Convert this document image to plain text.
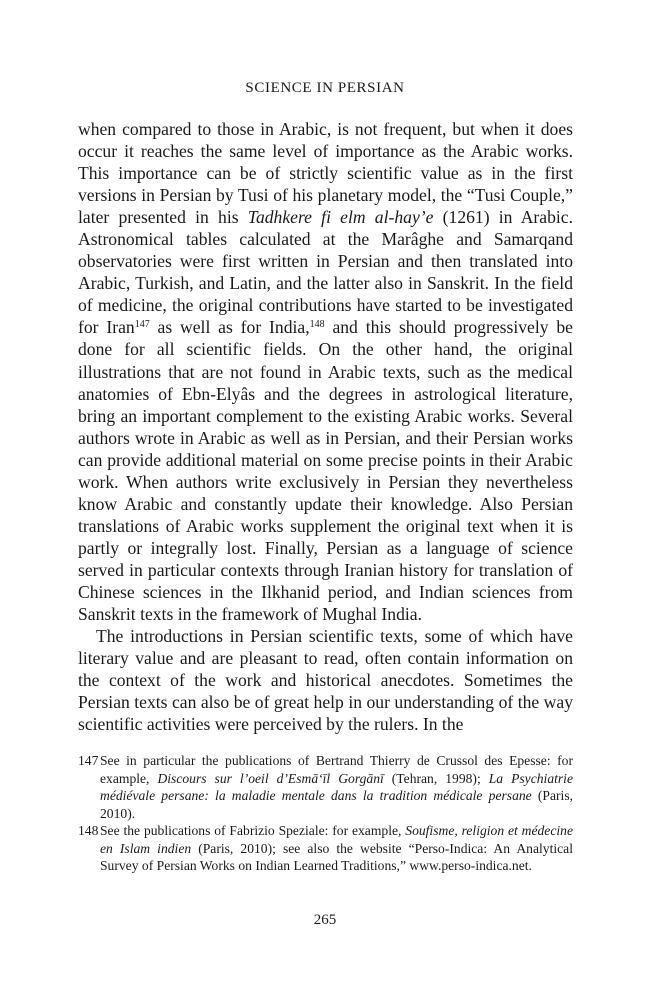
SCIENCE IN PERSIAN

when compared to those in Arabic, is not frequent, but when it does occur it reaches the same level of importance as the Arabic works. This importance can be of strictly scientific value as in the first versions in Persian by Tusi of his planetary model, the “Tusi Couple,” later presented in his Tadhkere fi elm al-hay’e (1261) in Arabic. Astronomical tables calculated at the Marâghe and Samarqand observatories were first written in Persian and then translated into Arabic, Turkish, and Latin, and the latter also in Sanskrit. In the field of medicine, the original contributions have started to be investigated for Iran$^{147}$ as well as for India,$^{148}$ and this should progressively be done for all scientific fields. On the other hand, the original illustrations that are not found in Arabic texts, such as the medical anatomies of Ebn-Elyâs and the degrees in astrological literature, bring an important complement to the existing Arabic works. Several authors wrote in Arabic as well as in Persian, and their Persian works can provide additional material on some precise points in their Arabic work. When authors write exclusively in Persian they nevertheless know Arabic and constantly update their knowledge. Also Persian translations of Arabic works supplement the original text when it is partly or integrally lost. Finally, Persian as a language of science served in particular contexts through Iranian history for translation of Chinese sciences in the Ilkhanid period, and Indian sciences from Sanskrit texts in the framework of Mughal India.

The introductions in Persian scientific texts, some of which have literary value and are pleasant to read, often contain information on the context of the work and historical anecdotes. Sometimes the Persian texts can also be of great help in our understanding of the way scientific activities were perceived by the rulers. In the

147 See in particular the publications of Bertrand Thierry de Crussol des Epesse: for example, Discours sur l’oeil d’Esmā‘īl Gorgānī (Tehran, 1998); La Psychiatrie médiévale persane: la maladie mentale dans la tradition médicale persane (Paris, 2010).
148 See the publications of Fabrizio Speziale: for example, Soufisme, religion et médecine en Islam indien (Paris, 2010); see also the website “Perso-Indica: An Analytical Survey of Persian Works on Indian Learned Traditions,” www.perso-indica.net.
265
